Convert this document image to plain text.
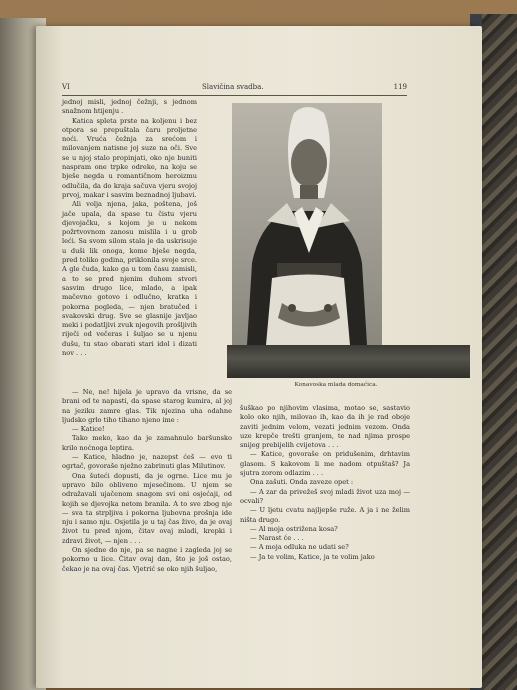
VI	Slavičina svadba.	119

jednoj misli, jednoj čežnji, s jednom snažnom htijenju .

Katica spleta prste na koljenu i bez otpora se prepuštala čaru proljetne noći. Vruća čežnja za srećom i milovanjem natisne joj suze na oči. Sve se u njoj stalo propinjati, oko nje buniti naspram one trpke odreke, na koju se bješe negda u romantičnom heroizmu odlučila, da do kraja sačuva vjeru svojoj prvoj, makar i sasvim beznadnoj ljubavi.

Ali volja njena, jaka, poštena, još jače upala, da spase tu čistu vjeru djevojačku, s kojom je u nekom požrtvovnom zanosu mislila i u grob leći. Sa svom silom stala je da uskrisuje u duši lik onoga, kome bješe negda, pred toliko godina, priklonila svoje srce. A gle čuda, kako ga u tom času zamisli, a to se pred njenim duhom stvori sasvim drugo lice, mlado, a ipak mačevno gotovo i odlučno, kratka i pokorna pogleda, — njen bratučed i svakovski drug. Sve se glasnije javljao meki i podatljivi zvuk njegovih prošljivih riječi od večeras i šuljao se u njenu dušu, tu stao obarati stari idol i dizati nov . . .

Konavoska mlada domaćica.

— Ne, ne! hijela je upravo da vrisne, da se brani od te napasti, da spase starog kumira, al joj na jeziku zamre glas. Tik njezina uha odahne ljudsko grlo tiho tihano njeno ime :

— Katice!

Tako meko, kao da je zamahnulo baršunsko krilo noćnoga leptira.

— Katice, hladno je, nazepst ćeš — evo ti ogrtač, govoraše nježno zabrinuti glas Milutinov.

Ona šuteći dopusti, da je ogrne. Lice mu je upravo bilo obliveno mjesečinom. U njem se odražavali ujačenom snagom svi oni osjećaji, od kojih se djevojka netom branila. A to sve zbog nje — sva ta strpljiva i pokorna ljubovna prošnja ide nju i samo nju. Osjetila je u taj čas živo, da je ovaj život tu pred njom, čitav ovaj mladi, krepki i zdravi život, — njen . . .

On sjedne do nje, pa se nagne i zagleda joj se pokorno u lice. Čitav ovaj dan, što je još ostao, čekao je na ovaj čas. Vjetrić se oko njih šuljao,

šuškao po njihovim vlasima, motao se, sastavio kolo oko njih, milovao ih, kao da ih je rad oboje zaviti jednim velom, vezati jednim vezom. Onda uze krepče trešti granjem, te nad njima prospe snijeg prebijelih cvijetova . . .

— Katice, govoraše on pridušenim, drhtavim glasom. S kakovom li me nadom otpuštaš? Ja sjutra zorom odlazim . . .

Ona zašuti. Onda zaveze opet :

— A zar da privežeš svoj mladi život uza moj — ocvali?

— U ljetu cvatu najljepše ruže. A ja i ne želim ništa drugo.

— Al moja ostriženа kosa?

— Narast će . . .

— A moja odluka ne udati se?

— Ja te volim, Katice, ja te volim jako
